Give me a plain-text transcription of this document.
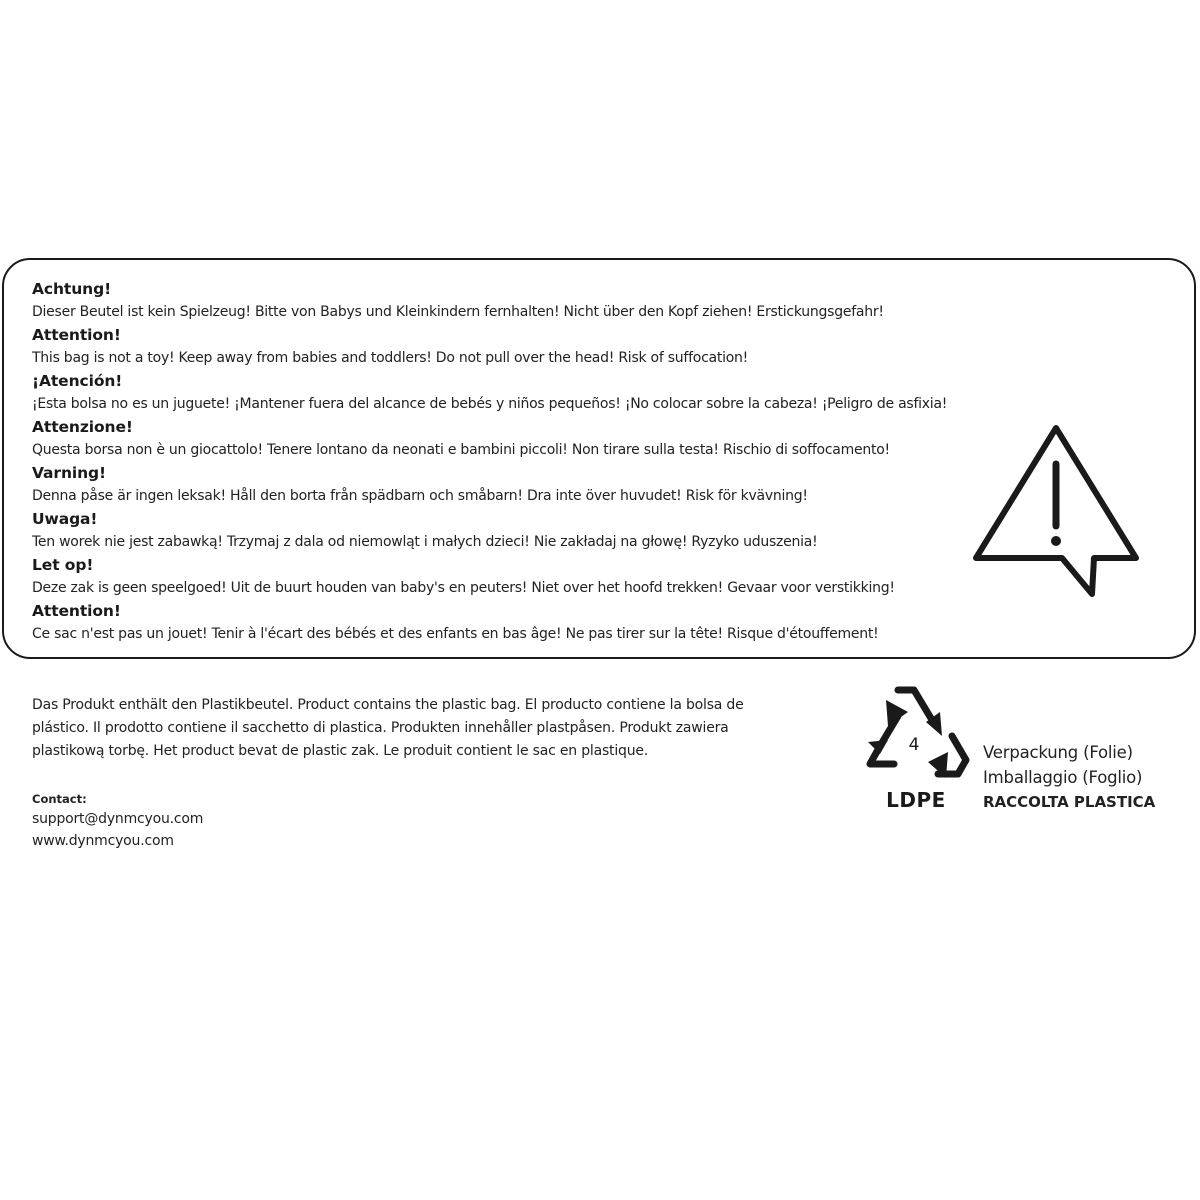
Achtung!
Dieser Beutel ist kein Spielzeug! Bitte von Babys und Kleinkindern fernhalten! Nicht über den Kopf ziehen! Erstickungsgefahr!
Attention!
This bag is not a toy! Keep away from babies and toddlers! Do not pull over the head! Risk of suffocation!
¡Atención!
¡Esta bolsa no es un juguete! ¡Mantener fuera del alcance de bebés y niños pequeños! ¡No colocar sobre la cabeza! ¡Peligro de asfixia!
Attenzione!
Questa borsa non è un giocattolo! Tenere lontano da neonati e bambini piccoli! Non tirare sulla testa! Rischio di soffocamento!
Varning!
Denna påse är ingen leksak! Håll den borta från spädbarn och småbarn! Dra inte över huvudet! Risk för kvävning!
Uwaga!
Ten worek nie jest zabawką! Trzymaj z dala od niemowląt i małych dzieci! Nie zakładaj na głowę! Ryzyko uduszenia!
Let op!
Deze zak is geen speelgoed! Uit de buurt houden van baby's en peuters! Niet over het hoofd trekken! Gevaar voor verstikking!
Attention!
Ce sac n'est pas un jouet! Tenir à l'écart des bébés et des enfants en bas âge! Ne pas tirer sur la tête! Risque d'étouffement!
Das Produkt enthält den Plastikbeutel. Product contains the plastic bag. El producto contiene la bolsa de
plástico. Il prodotto contiene il sacchetto di plastica. Produkten innehåller plastpåsen. Produkt zawiera
plastikową torbę. Het product bevat de plastic zak. Le produit contient le sac en plastique.
Contact:
support@dynmcyou.com
www.dynmcyou.com
4
LDPE
Verpackung (Folie)
Imballaggio (Foglio)
RACCOLTA PLASTICA
